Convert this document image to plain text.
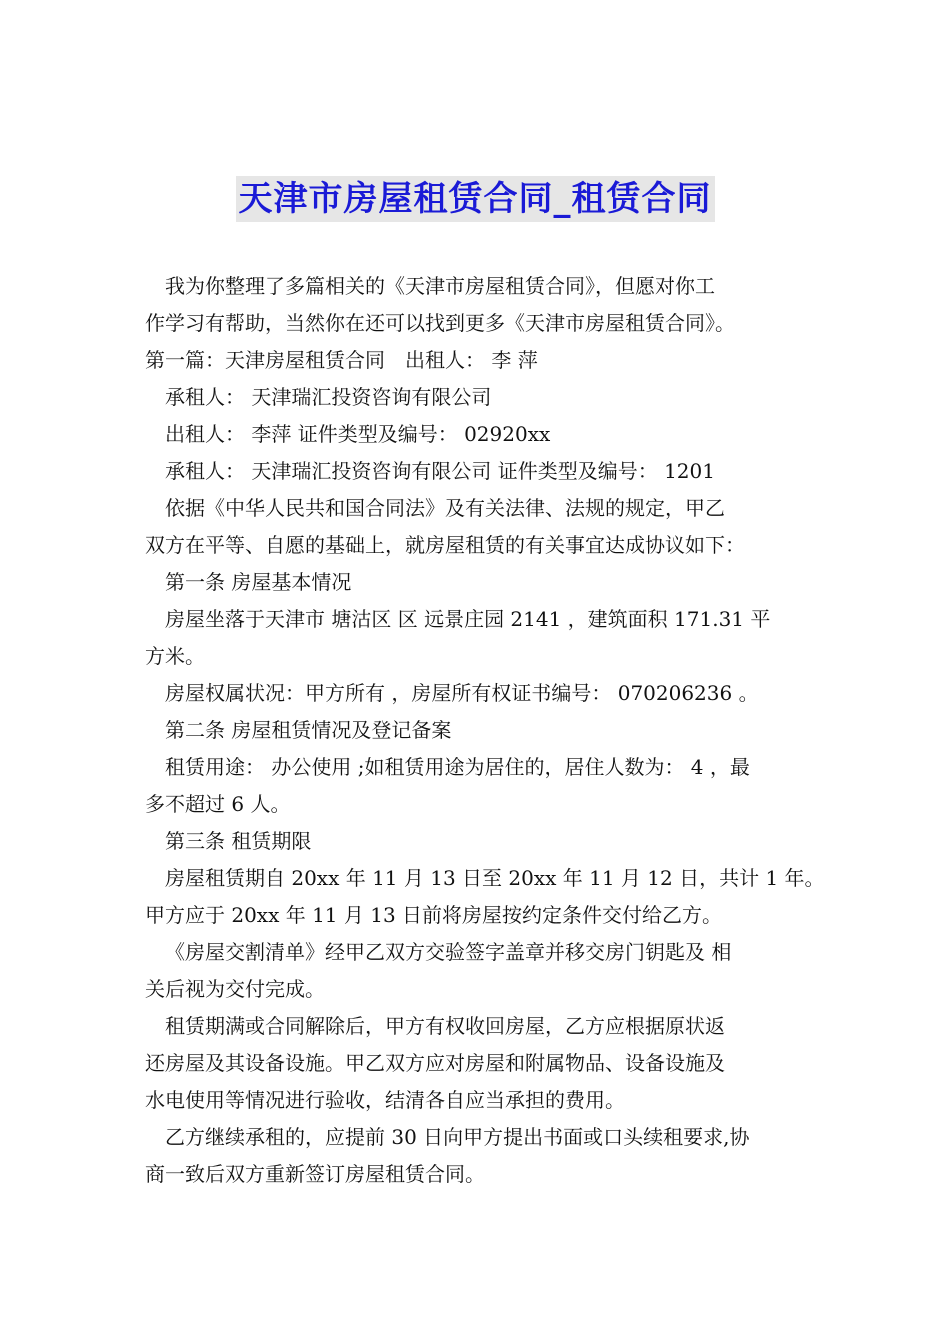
天津市房屋租赁合同_租赁合同

我为你整理了多篇相关的《天津市房屋租赁合同》，但愿对你工

作学习有帮助，当然你在还可以找到更多《天津市房屋租赁合同》。

第一篇：天津房屋租赁合同　出租人： 李 萍

承租人： 天津瑞汇投资咨询有限公司

出租人： 李萍 证件类型及编号： 02920xx

承租人： 天津瑞汇投资咨询有限公司 证件类型及编号： 1201

依据《中华人民共和国合同法》及有关法律、法规的规定，甲乙

双方在平等、自愿的基础上，就房屋租赁的有关事宜达成协议如下：

第一条 房屋基本情况

房屋坐落于天津市 塘沽区 区 远景庄园 2141 ，建筑面积 171.31 平

方米。

房屋权属状况：甲方所有 ，房屋所有权证书编号： 070206236 。

第二条 房屋租赁情况及登记备案

租赁用途： 办公使用 ;如租赁用途为居住的，居住人数为： 4 ，最

多不超过 6 人。

第三条 租赁期限

房屋租赁期自 20xx 年 11 月 13 日至 20xx 年 11 月 12 日，共计 1 年。

甲方应于 20xx 年 11 月 13 日前将房屋按约定条件交付给乙方。

《房屋交割清单》经甲乙双方交验签字盖章并移交房门钥匙及 相

关后视为交付完成。

租赁期满或合同解除后，甲方有权收回房屋，乙方应根据原状返

还房屋及其设备设施。甲乙双方应对房屋和附属物品、设备设施及

水电使用等情况进行验收，结清各自应当承担的费用。

乙方继续承租的，应提前 30 日向甲方提出书面或口头续租要求,协

商一致后双方重新签订房屋租赁合同。
